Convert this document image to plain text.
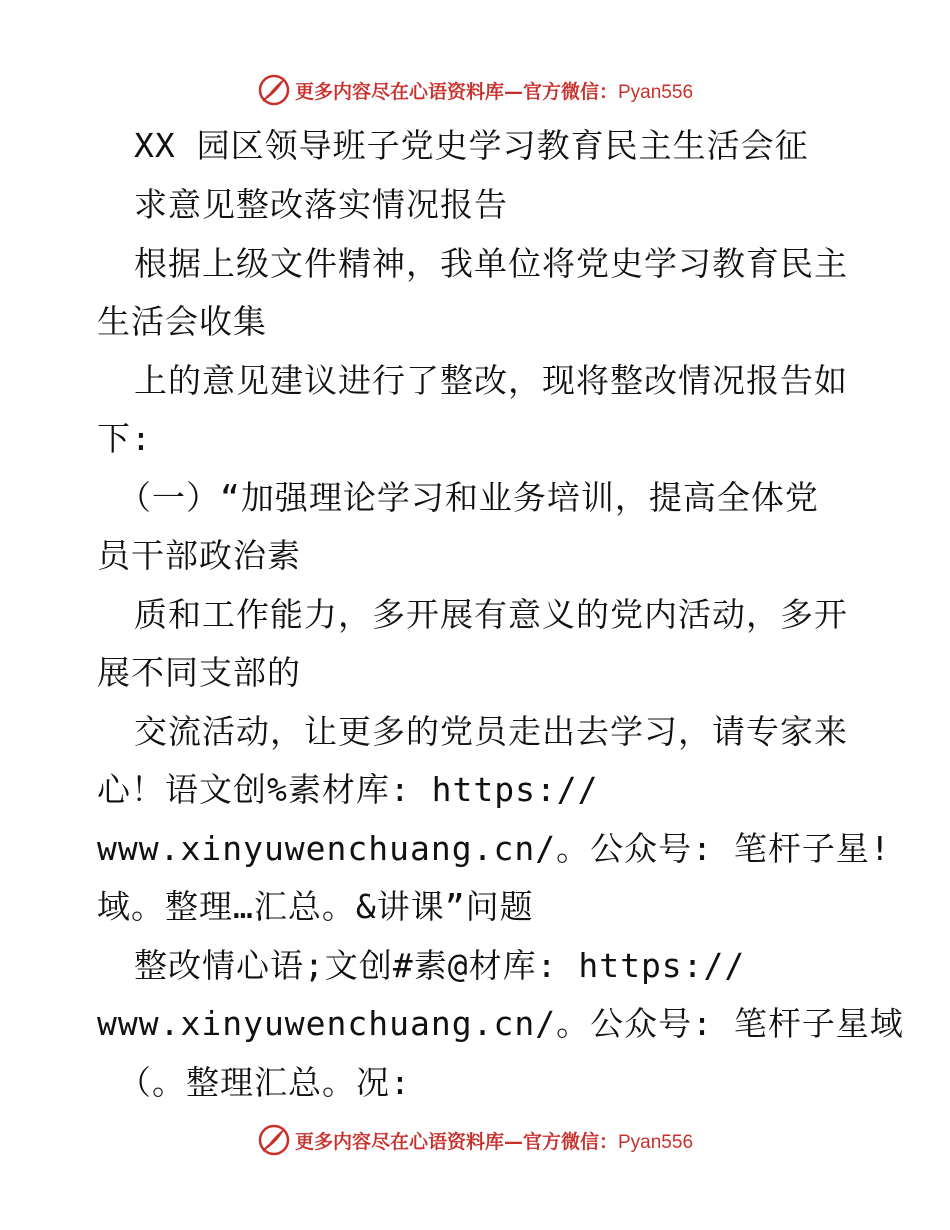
更多内容尽在心语资料库—官方微信：Pyan556
XX 园区领导班子党史学习教育民主生活会征
求意见整改落实情况报告
根据上级文件精神，我单位将党史学习教育民主
生活会收集
上的意见建议进行了整改，现将整改情况报告如
下:
（一）“加强理论学习和业务培训，提高全体党
员干部政治素
质和工作能力，多开展有意义的党内活动，多开
展不同支部的
交流活动，让更多的党员走出去学习，请专家来
心！语文创%素材库: https://
www.xinyuwenchuang.cn/。公众号: 笔杆子星!
域。整理…汇总。&讲课”问题
整改情心语;文创#素@材库: https://
www.xinyuwenchuang.cn/。公众号: 笔杆子星域
（。整理汇总。况:
更多内容尽在心语资料库—官方微信：Pyan556
